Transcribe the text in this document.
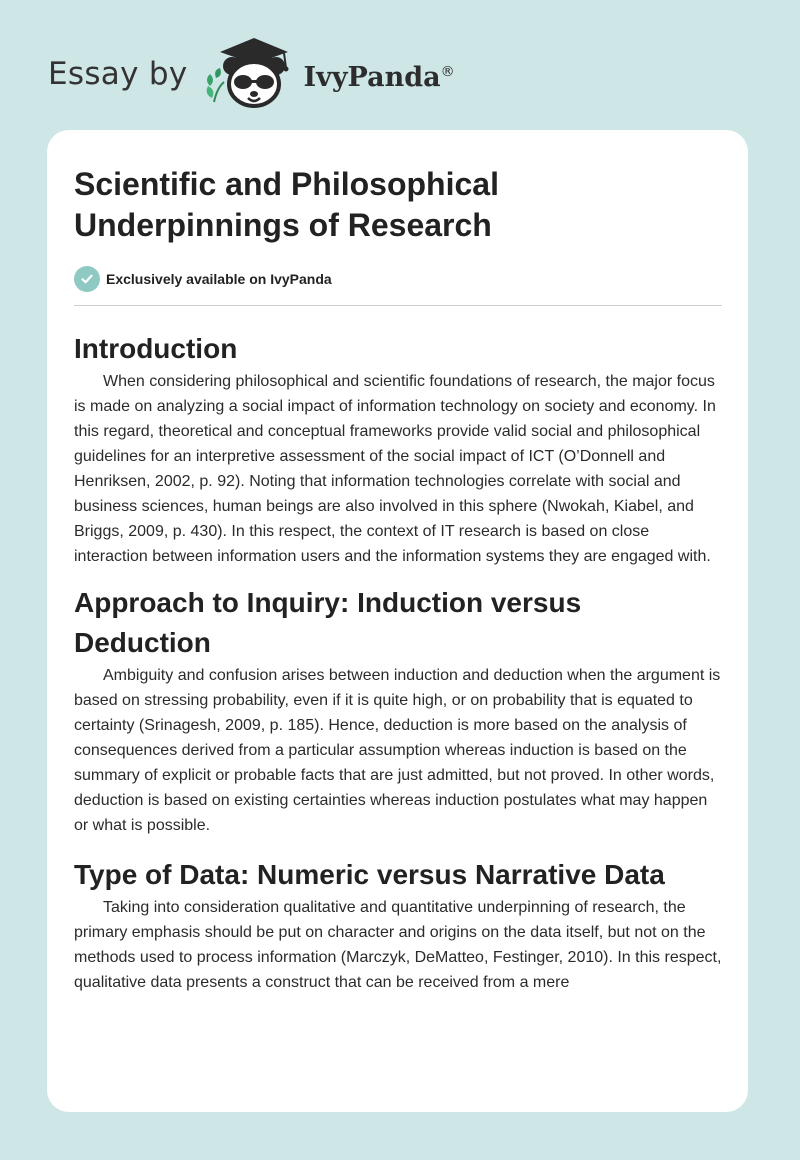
Essay by	IvyPanda®
Scientific and Philosophical Underpinnings of Research
Exclusively available on IvyPanda
Introduction

When considering philosophical and scientific foundations of research, the major focus is made on analyzing a social impact of information technology on society and economy. In this regard, theoretical and conceptual frameworks provide valid social and philosophical guidelines for an interpretive assessment of the social impact of ICT (O’Donnell and Henriksen, 2002, p. 92). Noting that information technologies correlate with social and business sciences, human beings are also involved in this sphere (Nwokah, Kiabel, and Briggs, 2009, p. 430). In this respect, the context of IT research is based on close interaction between information users and the information systems they are engaged with.

Approach to Inquiry: Induction versus Deduction

Ambiguity and confusion arises between induction and deduction when the argument is based on stressing probability, even if it is quite high, or on probability that is equated to certainty (Srinagesh, 2009, p. 185). Hence, deduction is more based on the analysis of consequences derived from a particular assumption whereas induction is based on the summary of explicit or probable facts that are just admitted, but not proved. In other words, deduction is based on existing certainties whereas induction postulates what may happen or what is possible.

Type of Data: Numeric versus Narrative Data

Taking into consideration qualitative and quantitative underpinning of research, the primary emphasis should be put on character and origins on the data itself, but not on the methods used to process information (Marczyk, DeMatteo, Festinger, 2010). In this respect, qualitative data presents a construct that can be received from a mere
